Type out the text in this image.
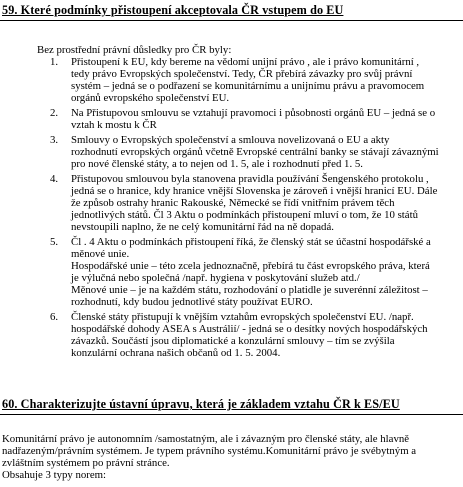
59. Které podmínky přistoupení akceptovala ČR vstupem do EU
Bez prostřední právní důsledky pro ČR byly:
1. Přistoupení k EU, kdy bereme na vědomí unijní právo , ale i právo komunitární ,
tedy právo Evropských společenství. Tedy, ČR přebírá závazky pro svůj právní
systém – jedná se o podřazení se komunitárnímu a unijnímu právu a pravomocem
orgánů evropského společenství EU.
2. Na Přistupovou smlouvu se vztahují pravomoci i působnosti orgánů EU – jedná se o
vztah k mostu k ČR
3. Smlouvy o Evropských společenství a smlouva novelizovaná o EU a akty
rozhodnutí evropských orgánů včetně Evropské centrální banky se stávají závaznými
pro nové členské státy, a to nejen od 1. 5, ale i rozhodnutí před 1. 5.
4. Přistupovou smlouvou byla stanovena pravidla používání Šengenského protokolu ,
jedná se o hranice, kdy hranice vnější Slovenska je zároveň i vnější hranicí EU. Dále
že způsob ostrahy hranic Rakouské, Německé se řídí vnitřním právem těch
jednotlivých států. Čl 3 Aktu o podmínkách přistoupení mluví o tom, že 10 států
nevstoupili naplno, že ne celý komunitární řád na ně dopadá.
5. Čl . 4 Aktu o podmínkách přistoupení říká, že členský stát se účastní hospodářské a
měnové unie.
Hospodářské unie – této zcela jednoznačně, přebírá tu část evropského práva, která
je výlučná nebo společná /např. hygiena v poskytování služeb atd./
Měnové unie – je na každém státu, rozhodování o platidle je suverénní záležitost –
rozhodnutí, kdy budou jednotlivé státy používat EURO.
6. Členské státy přistupují k vnějším vztahům evropských společenství EU. /např.
hospodářské dohody ASEA s Austrálií/ - jedná se o desítky nových hospodářských
závazků. Součástí jsou diplomatické a konzulární smlouvy – tím se zvýšila
konzulární ochrana našich občanů od 1. 5. 2004.
60. Charakterizujte ústavní úpravu, která je základem vztahu ČR k ES/EU
Komunitární právo je autonomním /samostatným, ale i závazným pro členské státy, ale hlavně
nadřazeným/právním systémem. Je typem právního systému.Komunitární právo je svébytným a
zvláštním systémem po právní stránce.
Obsahuje 3 typy norem:
